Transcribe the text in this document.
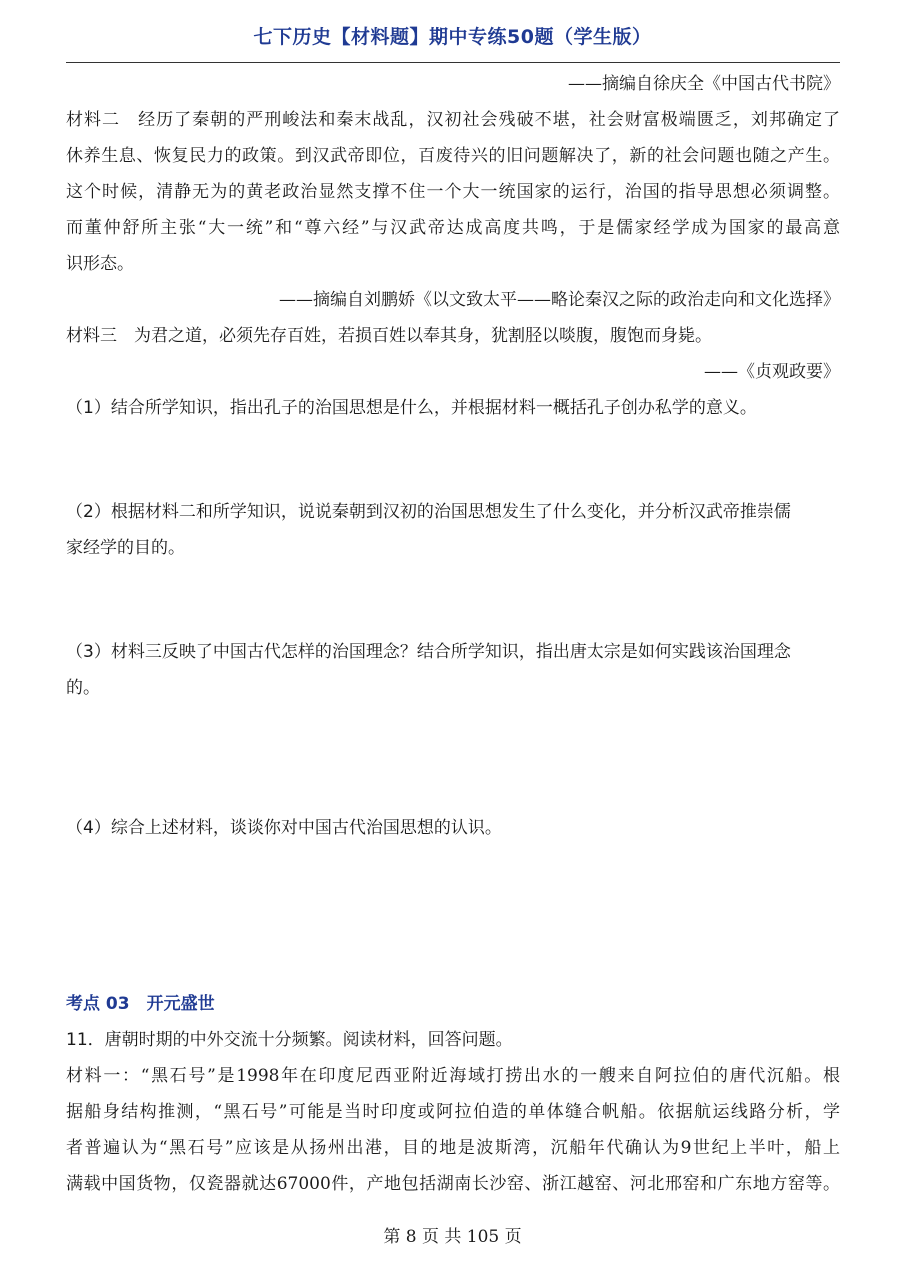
七下历史【材料题】期中专练50题（学生版）
——摘编自徐庆全《中国古代书院》
材料二　经历了秦朝的严刑峻法和秦末战乱，汉初社会残破不堪，社会财富极端匮乏，刘邦确定了
休养生息、恢复民力的政策。到汉武帝即位，百废待兴的旧问题解决了，新的社会问题也随之产生。
这个时候，清静无为的黄老政治显然支撑不住一个大一统国家的运行，治国的指导思想必须调整。
而董仲舒所主张“大一统”和“尊六经”与汉武帝达成高度共鸣，于是儒家经学成为国家的最高意
识形态。
——摘编自刘鹏娇《以文致太平——略论秦汉之际的政治走向和文化选择》
材料三　为君之道，必须先存百姓，若损百姓以奉其身，犹割胫以啖腹，腹饱而身毙。
——《贞观政要》
（1）结合所学知识，指出孔子的治国思想是什么，并根据材料一概括孔子创办私学的意义。
（2）根据材料二和所学知识，说说秦朝到汉初的治国思想发生了什么变化，并分析汉武帝推崇儒
家经学的目的。
（3）材料三反映了中国古代怎样的治国理念？结合所学知识，指出唐太宗是如何实践该治国理念
的。
（4）综合上述材料，谈谈你对中国古代治国思想的认识。
考点 03　开元盛世
11．唐朝时期的中外交流十分频繁。阅读材料，回答问题。
材料一：“黑石号”是1998年在印度尼西亚附近海域打捞出水的一艘来自阿拉伯的唐代沉船。根
据船身结构推测，“黑石号”可能是当时印度或阿拉伯造的单体缝合帆船。依据航运线路分析，学
者普遍认为“黑石号”应该是从扬州出港，目的地是波斯湾，沉船年代确认为9世纪上半叶，船上
满载中国货物，仅瓷器就达67000件，产地包括湖南长沙窑、浙江越窑、河北邢窑和广东地方窑等。
第 8 页 共 105 页
